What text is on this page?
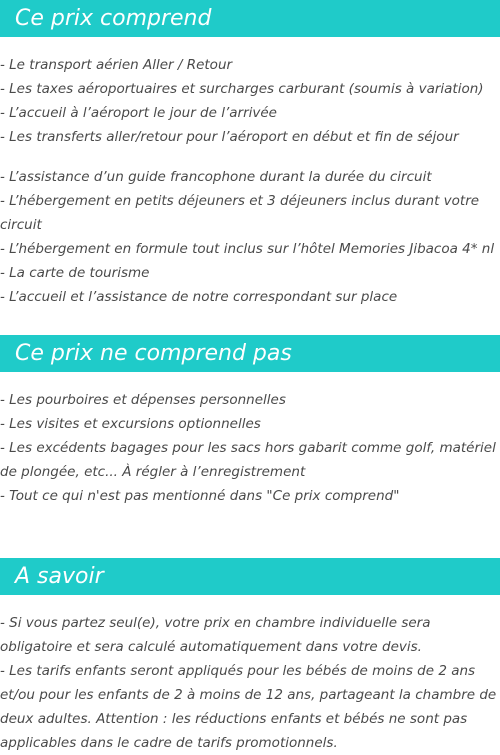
Ce prix comprend
- Le transport aérien Aller / Retour
- Les taxes aéroportuaires et surcharges carburant (soumis à variation)
- L’accueil à l’aéroport le jour de l’arrivée
- Les transferts aller/retour pour l’aéroport en début et fin de séjour
- L’assistance d’un guide francophone durant la durée du circuit
- L’hébergement en petits déjeuners et 3 déjeuners inclus durant votre circuit
- L’hébergement en formule tout inclus sur l’hôtel Memories Jibacoa 4* nl
- La carte de tourisme
- L’accueil et l’assistance de notre correspondant sur place
Ce prix ne comprend pas
- Les pourboires et dépenses personnelles
- Les visites et excursions optionnelles
- Les excédents bagages pour les sacs hors gabarit comme golf, matériel de plongée, etc... À régler à l’enregistrement
- Tout ce qui n'est pas mentionné dans "Ce prix comprend"
A savoir
- Si vous partez seul(e), votre prix en chambre individuelle sera obligatoire et sera calculé automatiquement dans votre devis.
- Les tarifs enfants seront appliqués pour les bébés de moins de 2 ans et/ou pour les enfants de 2 à moins de 12 ans, partageant la chambre de deux adultes. Attention : les réductions enfants et bébés ne sont pas applicables dans le cadre de tarifs promotionnels.
